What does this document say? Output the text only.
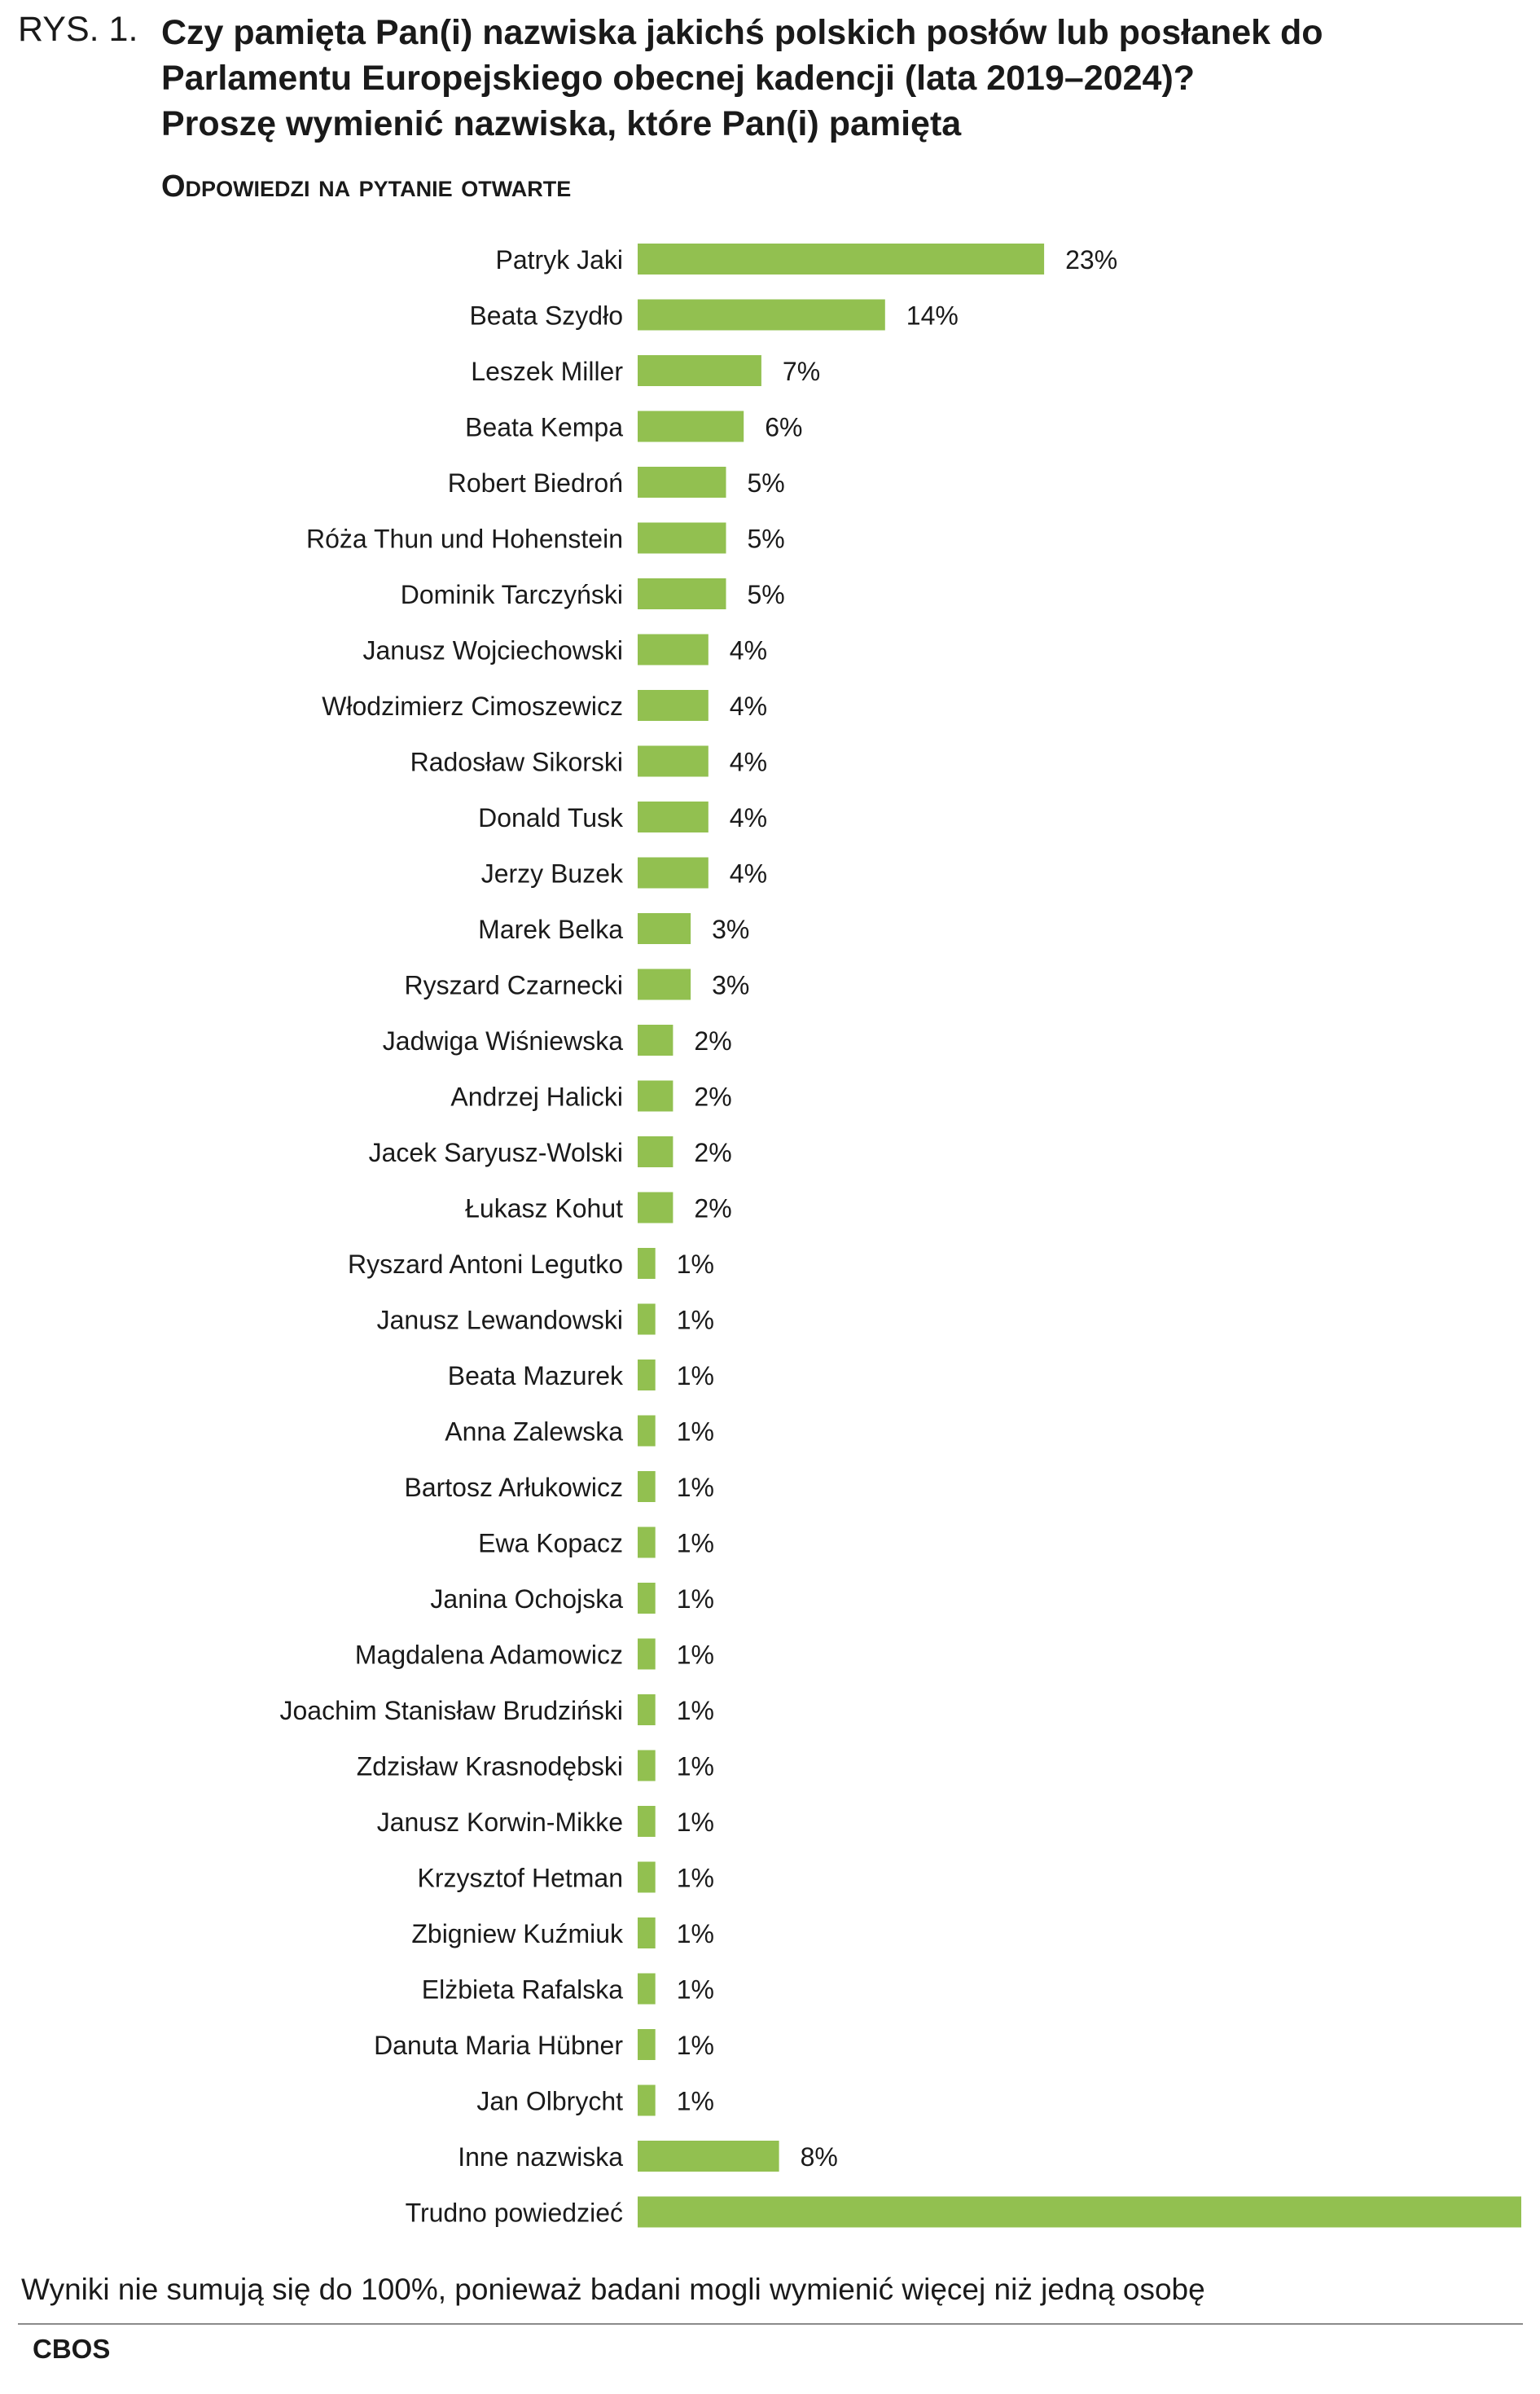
RYS. 1. Czy pamięta Pan(i) nazwiska jakichś polskich posłów lub posłanek do
Parlamentu Europejskiego obecnej kadencji (lata 2019–2024)?
Proszę wymienić nazwiska, które Pan(i) pamięta
Odpowiedzi na pytanie otwarte
Patryk Jaki	23%
Beata Szydło	14%
Leszek Miller	7%
Beata Kempa	6%
Robert Biedroń	5%
Róża Thun und Hohenstein	5%
Dominik Tarczyński	5%
Janusz Wojciechowski	4%
Włodzimierz Cimoszewicz	4%
Radosław Sikorski	4%
Donald Tusk	4%
Jerzy Buzek	4%
Marek Belka	3%
Ryszard Czarnecki	3%
Jadwiga Wiśniewska	2%
Andrzej Halicki	2%
Jacek Saryusz-Wolski	2%
Łukasz Kohut	2%
Ryszard Antoni Legutko 1%
Janusz Lewandowski 1%
Beata Mazurek 1%
Anna Zalewska 1%
Bartosz Arłukowicz 1%
Ewa Kopacz 1%
Janina Ochojska 1%
Magdalena Adamowicz 1%
Joachim Stanisław Brudziński 1%
Zdzisław Krasnodębski 1%
Janusz Korwin-Mikke 1%
Krzysztof Hetman 1%
Zbigniew Kuźmiuk 1%
Elżbieta Rafalska 1%
Danuta Maria Hübner 1%
Jan Olbrycht 1%
Inne nazwiska	8%
Trudno powiedzieć
Wyniki nie sumują się do 100%, ponieważ badani mogli wymienić więcej niż jedną osobę
CBOS
